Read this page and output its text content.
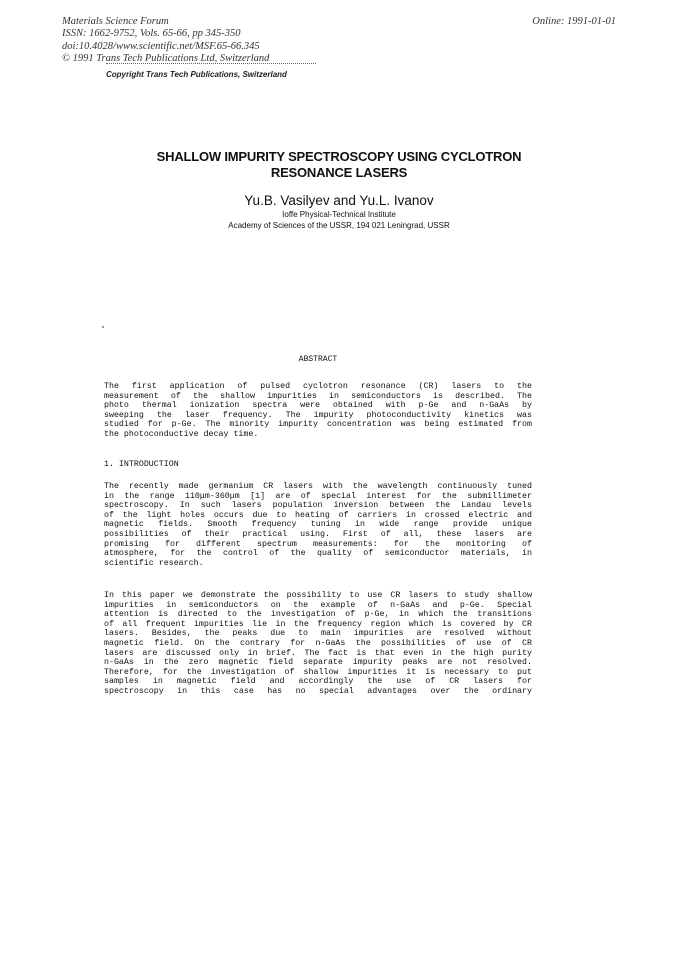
Materials Science Forum
ISSN: 1662-9752, Vols. 65-66, pp 345-350
doi:10.4028/www.scientific.net/MSF.65-66.345
© 1991 Trans Tech Publications Ltd, Switzerland
Online: 1991-01-01
Copyright Trans Tech Publications, Switzerland
SHALLOW IMPURITY SPECTROSCOPY USING CYCLOTRON
RESONANCE LASERS
Yu.B. Vasilyev and Yu.L. Ivanov
Ioffe Physical-Technical Institute
Academy of Sciences of the USSR, 194 021 Leningrad, USSR
ABSTRACT
The first application of pulsed cyclotron resonance (CR) lasers to the
measurement of the shallow impurities in semiconductors is described. The
photo thermal ionization spectra were obtained with p-Ge and n-GaAs by
sweeping the laser frequency. The impurity photoconductivity kinetics was
studied for p-Ge. The minority impurity concentration was being estimated from
the photoconductive decay time.
1. INTRODUCTION
The recently made germanium CR lasers with the wavelength continuously tuned
in the range 110μm-360μm [1] are of special interest for the submillimeter
spectroscopy. In such lasers population inversion between the Landau levels
of the light holes occurs due to heating of carriers in crossed electric and
magnetic fields. Smooth frequency tuning in wide range provide unique
possibilities of their practical using. First of all, these lasers are
promising for different spectrum measurements: for the monitoring of
atmosphere, for the control of the quality of semiconductor materials, in
scientific research.
In this paper we demonstrate the possibility to use CR lasers to study shallow
impurities in semiconductors on the example of n-GaAs and p-Ge. Special
attention is directed to the investigation of p-Ge, in which the transitions
of all frequent impurities lie in the frequency region which is covered by CR
lasers. Besides, the peaks due to main impurities are resolved without
magnetic field. On the contrary for n-GaAs the possibilities of use of CR
lasers are discussed only in brief. The fact is that even in the high purity
n-GaAs in the zero magnetic field separate impurity peaks are not resolved.
Therefore, for the investigation of shallow impurities it is necessary to put
samples in magnetic field and accordingly the use of CR lasers for
spectroscopy in this case has no special advantages over the ordinary
